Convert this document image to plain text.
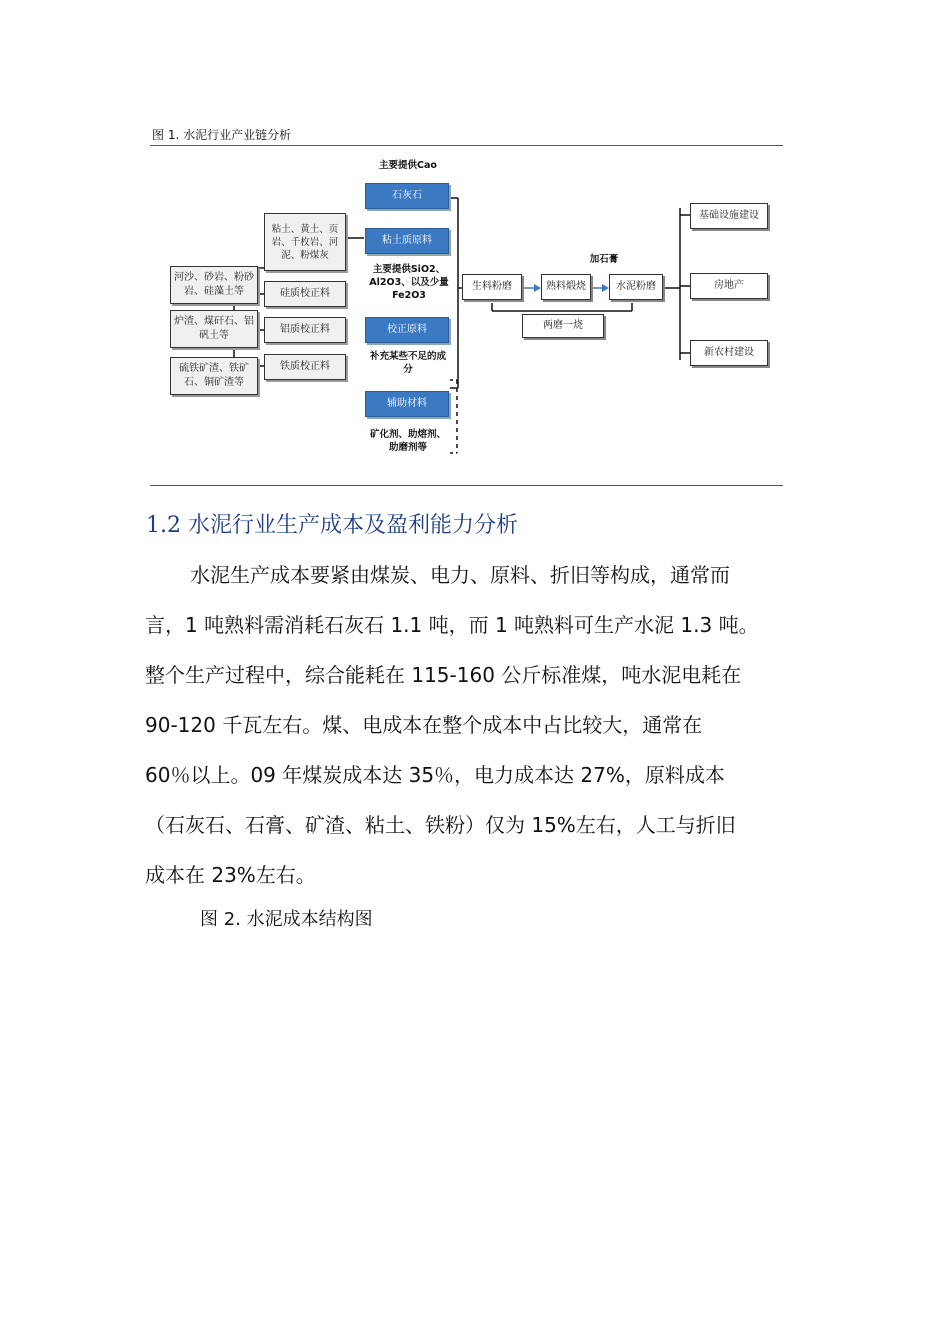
图 1. 水泥行业产业链分析
主要提供Cao
石灰石
粘土、黄土、页岩、千枚岩、河泥、粉煤灰
粘土质原料
主要提供SiO2、Al2O3、以及少量Fe2O3
河沙、砂岩、粉砂岩、硅藻土等
炉渣、煤矸石、铝矾土等
硫铁矿渣、铁矿石、铜矿渣等
硅质校正料
铝质校正料
铁质校正料
校正原料
补充某些不足的成分
辅助材料
矿化剂、助熔剂、助磨剂等
生料粉磨	熟料煅烧	水泥粉磨
加石膏
两磨一烧
基础设施建设
房地产
新农村建设
1.2 水泥行业生产成本及盈利能力分析
水泥生产成本要紧由煤炭、电力、原料、折旧等构成，通常而
言，1 吨熟料需消耗石灰石 1.1 吨，而 1 吨熟料可生产水泥 1.3 吨。
整个生产过程中，综合能耗在 115-160 公斤标准煤，吨水泥电耗在
90-120 千瓦左右。煤、电成本在整个成本中占比较大，通常在
60％以上。09 年煤炭成本达 35％，电力成本达 27%，原料成本
（石灰石、石膏、矿渣、粘土、铁粉）仅为 15%左右，人工与折旧
成本在 23%左右。
图 2. 水泥成本结构图
